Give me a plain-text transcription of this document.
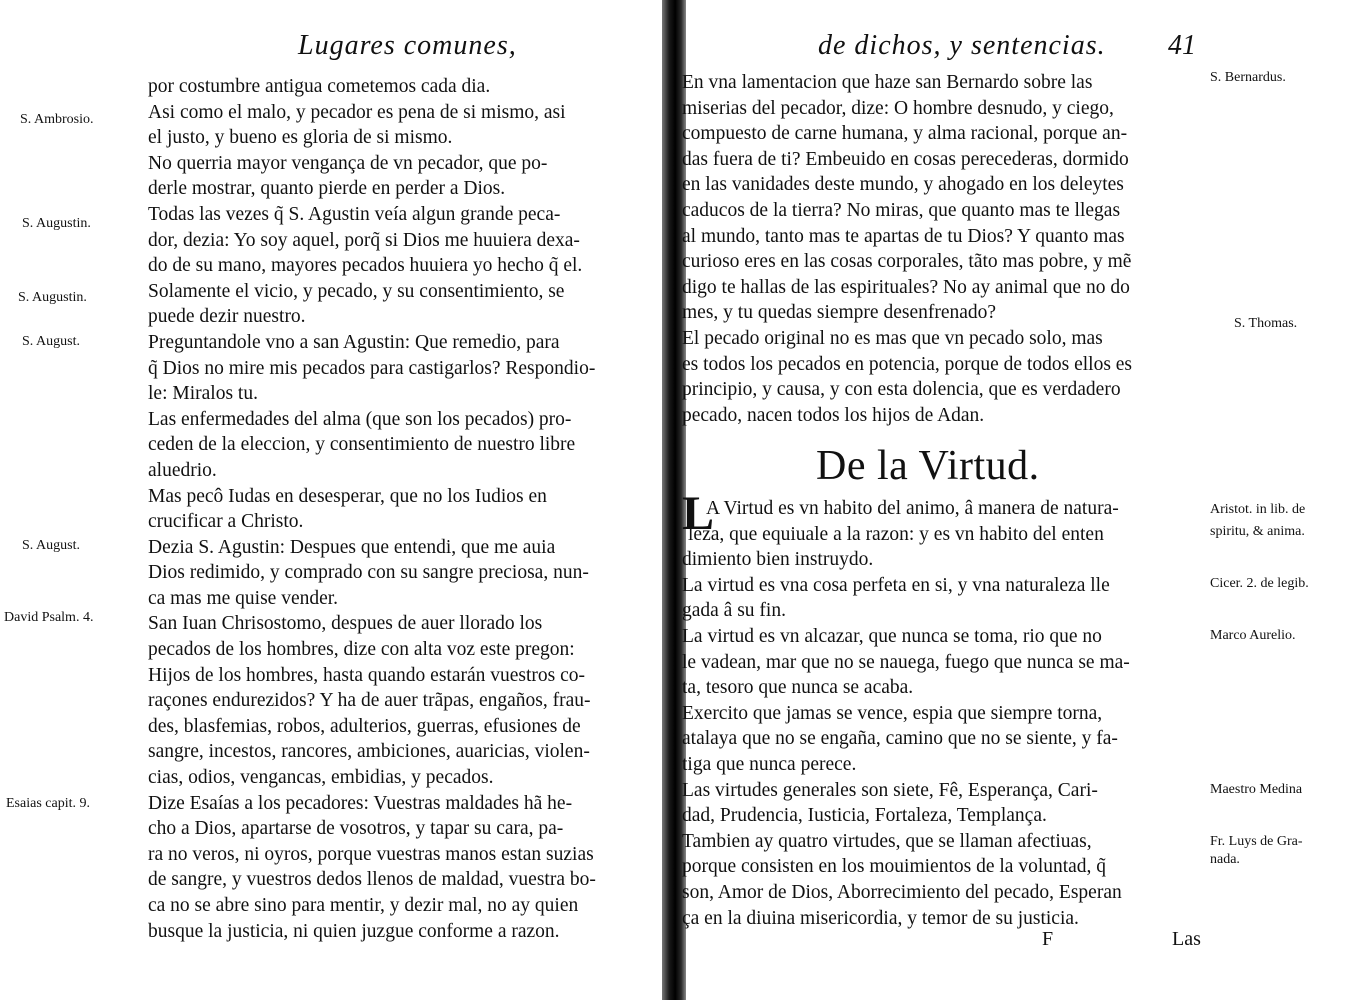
Lugares comunes,
por costumbre antigua cometemos cada dia.
Asi como el malo, y pecador es pena de si mismo, asi
el justo, y bueno es gloria de si mismo.
No querria mayor vengança de vn pecador, que po-
derle mostrar, quanto pierde en perder a Dios.
Todas las vezes q̃ S. Agustin veía algun grande peca-
dor, dezia: Yo soy aquel, porq̃ si Dios me huuiera dexa-
do de su mano, mayores pecados huuiera yo hecho q̃ el.
Solamente el vicio, y pecado, y su consentimiento, se
puede dezir nuestro.
Preguntandole vno a san Agustin: Que remedio, para
q̃ Dios no mire mis pecados para castigarlos? Respondio-
le: Miralos tu.
Las enfermedades del alma (que son los pecados) pro-
ceden de la eleccion, y consentimiento de nuestro libre
aluedrio.
Mas pecô Iudas en desesperar, que no los Iudios en
crucificar a Christo.
Dezia S. Agustin: Despues que entendi, que me auia
Dios redimido, y comprado con su sangre preciosa, nun-
ca mas me quise vender.
San Iuan Chrisostomo, despues de auer llorado los
pecados de los hombres, dize con alta voz este pregon:
Hijos de los hombres, hasta quando estarán vuestros co-
raçones endurezidos? Y ha de auer trãpas, engaños, frau-
des, blasfemias, robos, adulterios, guerras, efusiones de
sangre, incestos, rancores, ambiciones, auaricias, violen-
cias, odios, vengancas, embidias, y pecados.
Dize Esaías a los pecadores: Vuestras maldades hã he-
cho a Dios, apartarse de vosotros, y tapar su cara, pa-
ra no veros, ni oyros, porque vuestras manos estan suzias
de sangre, y vuestros dedos llenos de maldad, vuestra bo-
ca no se abre sino para mentir, y dezir mal, no ay quien
busque la justicia, ni quien juzgue conforme a razon.
S. Ambrosio.
S. Augustin.
S. Augustin.
S. August.
S. August.
David Psalm. 4.
Esaias capit. 9.
de dichos, y sentencias. 41
En vna lamentacion que haze san Bernardo sobre las
miserias del pecador, dize: O hombre desnudo, y ciego,
compuesto de carne humana, y alma racional, porque an-
das fuera de ti? Embeuido en cosas perecederas, dormido
en las vanidades deste mundo, y ahogado en los deleytes
caducos de la tierra? No miras, que quanto mas te llegas
al mundo, tanto mas te apartas de tu Dios? Y quanto mas
curioso eres en las cosas corporales, tãto mas pobre, y mẽ
digo te hallas de las espirituales? No ay animal que no do
mes, y tu quedas siempre desenfrenado?
El pecado original no es mas que vn pecado solo, mas
es todos los pecados en potencia, porque de todos ellos es
principio, y causa, y con esta dolencia, que es verdadero
pecado, nacen todos los hijos de Adan.
De la Virtud.
L
A Virtud es vn habito del animo, â manera de natura-
leza, que equiuale a la razon: y es vn habito del enten
dimiento bien instruydo.
La virtud es vna cosa perfeta en si, y vna naturaleza lle
gada â su fin.
La virtud es vn alcazar, que nunca se toma, rio que no
le vadean, mar que no se nauega, fuego que nunca se ma-
ta, tesoro que nunca se acaba.
Exercito que jamas se vence, espia que siempre torna,
atalaya que no se engaña, camino que no se siente, y fa-
tiga que nunca perece.
Las virtudes generales son siete, Fê, Esperança, Cari-
dad, Prudencia, Iusticia, Fortaleza, Templança.
Tambien ay quatro virtudes, que se llaman afectiuas,
porque consisten en los mouimientos de la voluntad, q̃
son, Amor de Dios, Aborrecimiento del pecado, Esperan
ça en la diuina misericordia, y temor de su justicia.
S. Bernardus.
S. Thomas.
Aristot. in lib. de
spiritu, & anima.
Cicer. 2. de legib.
Marco Aurelio.
Maestro Medina
Fr. Luys de Gra-
nada.
F	Las
